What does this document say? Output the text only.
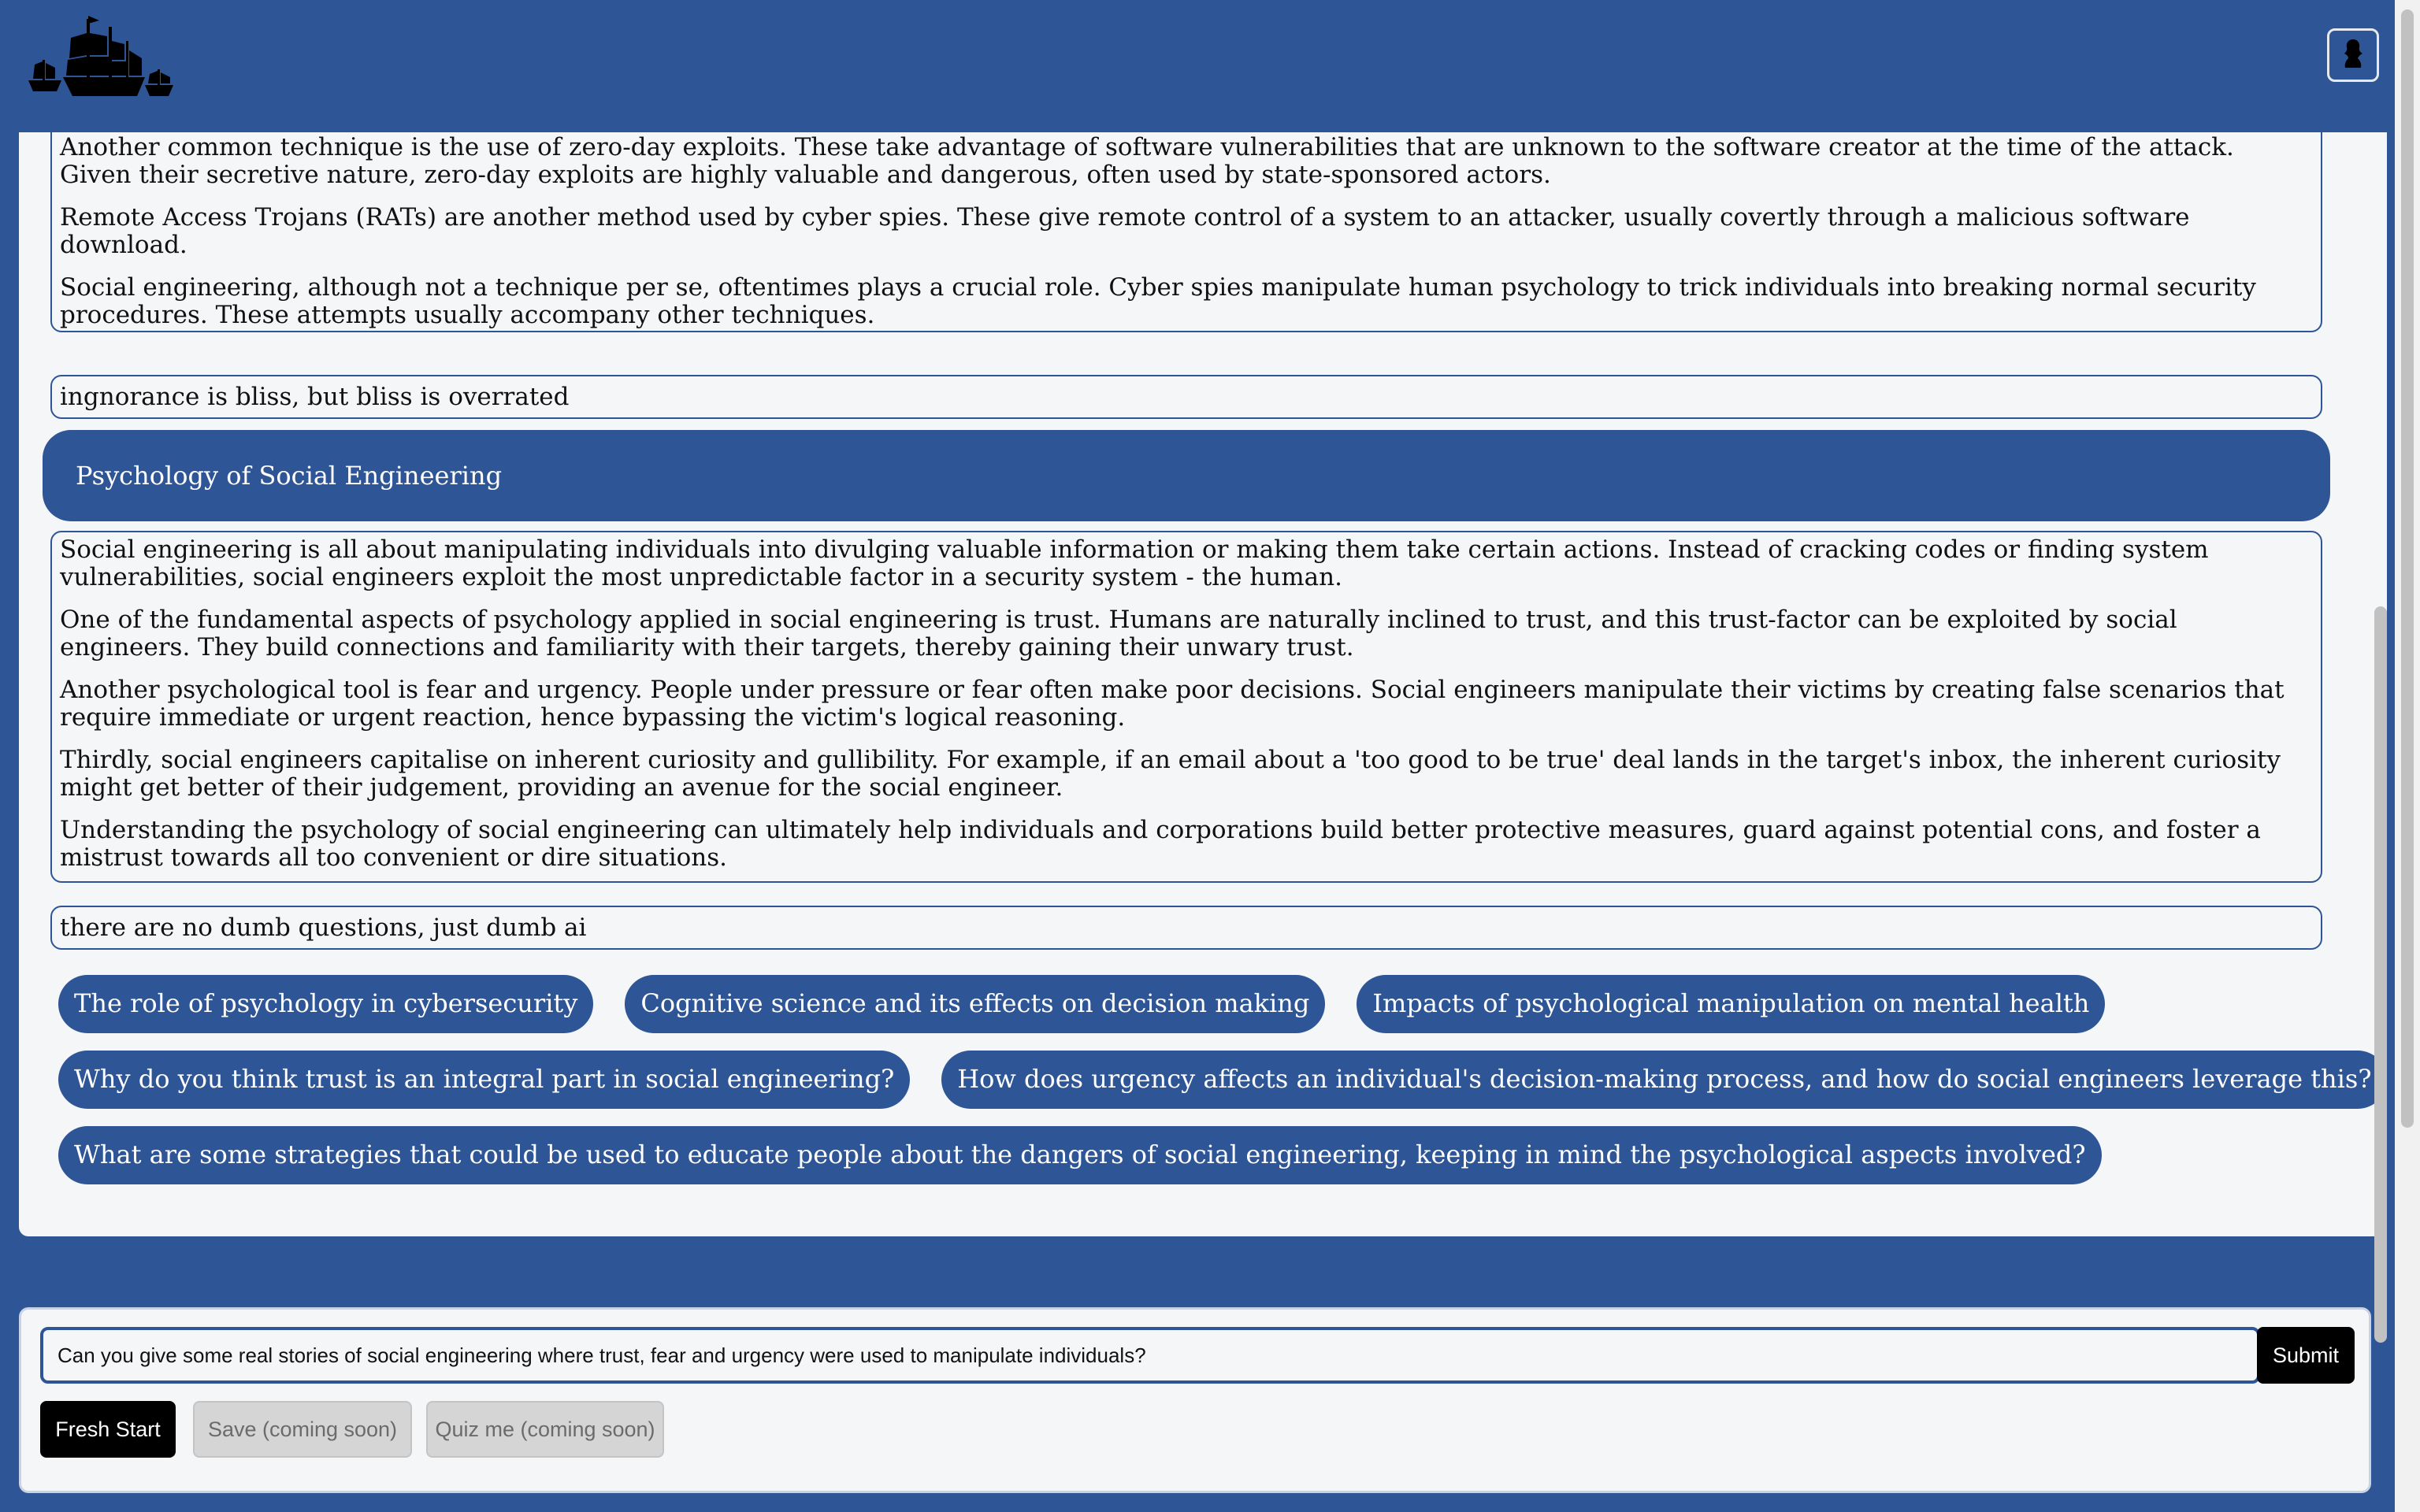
Another common technique is the use of zero-day exploits. These take advantage of software vulnerabilities that are unknown to the software creator at the time of the attack. Given their secretive nature, zero-day exploits are highly valuable and dangerous, often used by state-sponsored actors.

Remote Access Trojans (RATs) are another method used by cyber spies. These give remote control of a system to an attacker, usually covertly through a malicious software download.

Social engineering, although not a technique per se, oftentimes plays a crucial role. Cyber spies manipulate human psychology to trick individuals into breaking normal security procedures. These attempts usually accompany other techniques.

ingnorance is bliss, but bliss is overrated
Psychology of Social Engineering

Social engineering is all about manipulating individuals into divulging valuable information or making them take certain actions. Instead of cracking codes or finding system vulnerabilities, social engineers exploit the most unpredictable factor in a security system - the human.

One of the fundamental aspects of psychology applied in social engineering is trust. Humans are naturally inclined to trust, and this trust-factor can be exploited by social engineers. They build connections and familiarity with their targets, thereby gaining their unwary trust.

Another psychological tool is fear and urgency. People under pressure or fear often make poor decisions. Social engineers manipulate their victims by creating false scenarios that require immediate or urgent reaction, hence bypassing the victim's logical reasoning.

Thirdly, social engineers capitalise on inherent curiosity and gullibility. For example, if an email about a 'too good to be true' deal lands in the target's inbox, the inherent curiosity might get better of their judgement, providing an avenue for the social engineer.

Understanding the psychology of social engineering can ultimately help individuals and corporations build better protective measures, guard against potential cons, and foster a mistrust towards all too convenient or dire situations.

there are no dumb questions, just dumb ai
The role of psychology in cybersecurity	Cognitive science and its effects on decision making	Impacts of psychological manipulation on mental health
Why do you think trust is an integral part in social engineering?	How does urgency affects an individual's decision-making process, and how do social engineers leverage this?
What are some strategies that could be used to educate people about the dangers of social engineering, keeping in mind the psychological aspects involved?
Can you give some real stories of social engineering where trust, fear and urgency were used to manipulate individuals?
Submit
Fresh Start	Save (coming soon)	Quiz me (coming soon)
